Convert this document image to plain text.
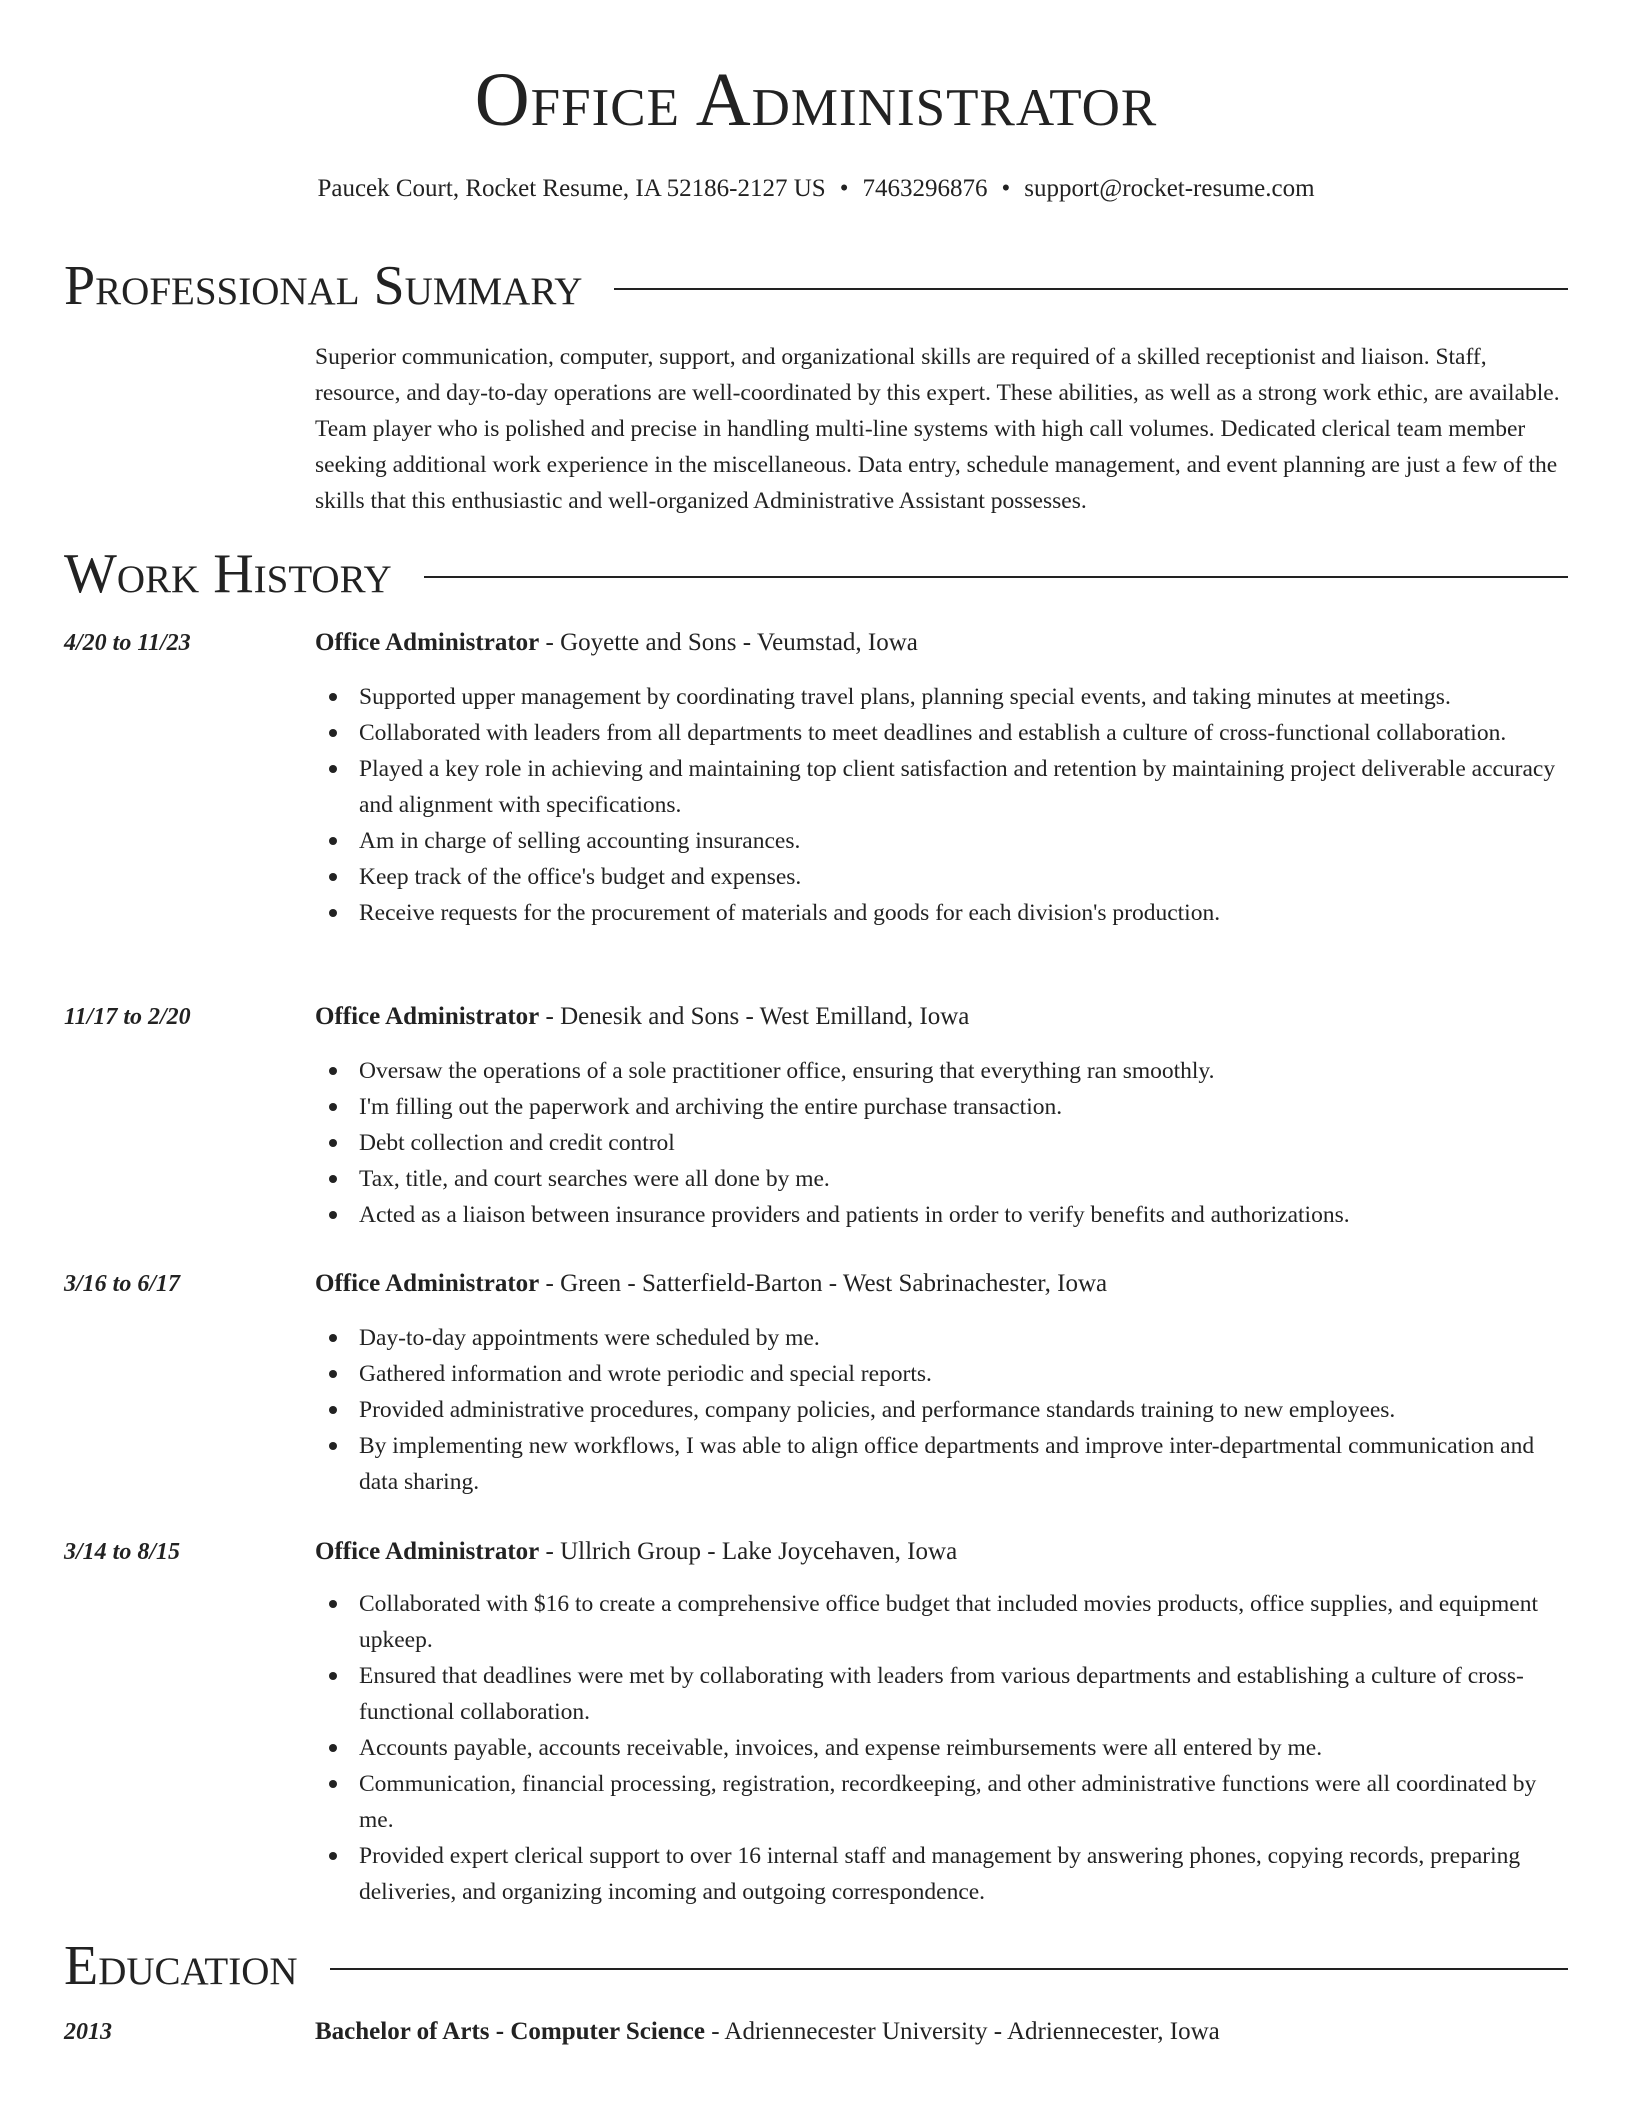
Office Administrator
Paucek Court, Rocket Resume, IA 52186-2127 US • 7463296876 • support@rocket-resume.com
Professional Summary
Superior communication, computer, support, and organizational skills are required of a skilled receptionist and liaison. Staff, resource, and day-to-day operations are well-coordinated by this expert. These abilities, as well as a strong work ethic, are available. Team player who is polished and precise in handling multi-line systems with high call volumes. Dedicated clerical team member seeking additional work experience in the miscellaneous. Data entry, schedule management, and event planning are just a few of the skills that this enthusiastic and well-organized Administrative Assistant possesses.
Work History
4/20 to 11/23	Office Administrator - Goyette and Sons - Veumstad, Iowa
Supported upper management by coordinating travel plans, planning special events, and taking minutes at meetings.
Collaborated with leaders from all departments to meet deadlines and establish a culture of cross-functional collaboration.
Played a key role in achieving and maintaining top client satisfaction and retention by maintaining project deliverable accuracy and alignment with specifications.
Am in charge of selling accounting insurances.
Keep track of the office's budget and expenses.
Receive requests for the procurement of materials and goods for each division's production.
11/17 to 2/20	Office Administrator - Denesik and Sons - West Emilland, Iowa
Oversaw the operations of a sole practitioner office, ensuring that everything ran smoothly.
I'm filling out the paperwork and archiving the entire purchase transaction.
Debt collection and credit control
Tax, title, and court searches were all done by me.
Acted as a liaison between insurance providers and patients in order to verify benefits and authorizations.
3/16 to 6/17	Office Administrator - Green - Satterfield-Barton - West Sabrinachester, Iowa
Day-to-day appointments were scheduled by me.
Gathered information and wrote periodic and special reports.
Provided administrative procedures, company policies, and performance standards training to new employees.
By implementing new workflows, I was able to align office departments and improve inter-departmental communication and data sharing.
3/14 to 8/15	Office Administrator - Ullrich Group - Lake Joycehaven, Iowa
Collaborated with $16 to create a comprehensive office budget that included movies products, office supplies, and equipment upkeep.
Ensured that deadlines were met by collaborating with leaders from various departments and establishing a culture of cross-functional collaboration.
Accounts payable, accounts receivable, invoices, and expense reimbursements were all entered by me.
Communication, financial processing, registration, recordkeeping, and other administrative functions were all coordinated by me.
Provided expert clerical support to over 16 internal staff and management by answering phones, copying records, preparing deliveries, and organizing incoming and outgoing correspondence.
Education
2013	Bachelor of Arts - Computer Science - Adriennecester University - Adriennecester, Iowa
